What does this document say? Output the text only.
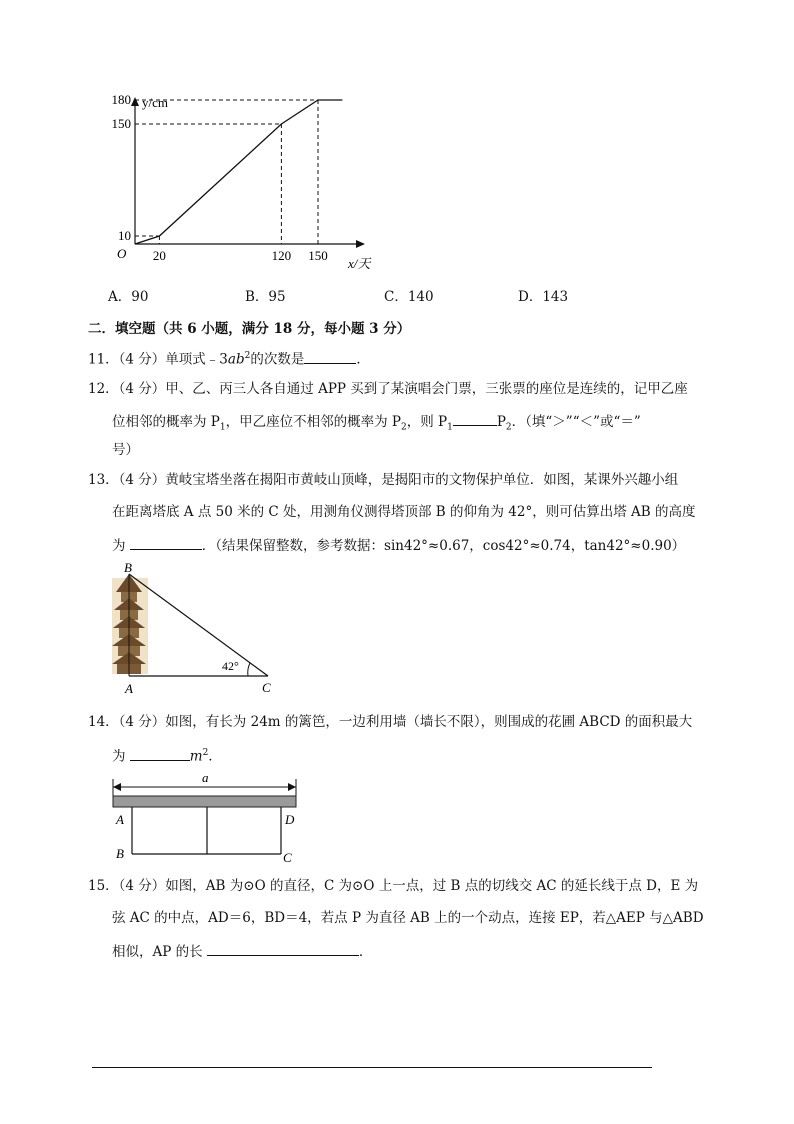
y/cm
x/天
O 20	120 150
10
150
180
A．90	B．95	C．140	D．143
二．填空题（共 6 小题，满分 18 分，每小题 3 分）
11．（4 分）单项式$﹣3ab^2$的次数是	．
12．（4 分）甲、乙、丙三人各自通过 APP 买到了某演唱会门票，三张票的座位是连续的，记甲乙座
位相邻的概率为 $P_1$，甲乙座位不相邻的概率为 $P_2$，则 $P_1$	$P_2$．（填“＞”“＜”或“＝”
号）
13．（4 分）黄岐宝塔坐落在揭阳市黄岐山顶峰，是揭阳市的文物保护单位．如图，某课外兴趣小组
在距离塔底 A 点 50 米的 C 处，用测角仪测得塔顶部 B 的仰角为 42°，则可估算出塔 AB 的高度
为	．（结果保留整数，参考数据：sin42°≈0.67，cos42°≈0.74，tan42°≈0.90）
B
A	C
42°
14．（4 分）如图，有长为 24m 的篱笆，一边利用墙（墙长不限），则围成的花圃 ABCD 的面积最大
为	$m^2$．
a
A
B	C
D
15．（4 分）如图，AB 为⊙O 的直径，C 为⊙O 上一点，过 B 点的切线交 AC 的延长线于点 D，E 为
弦 AC 的中点，AD＝6，BD＝4，若点 P 为直径 AB 上的一个动点，连接 EP，若△AEP 与△ABD
相似，AP 的长	．
